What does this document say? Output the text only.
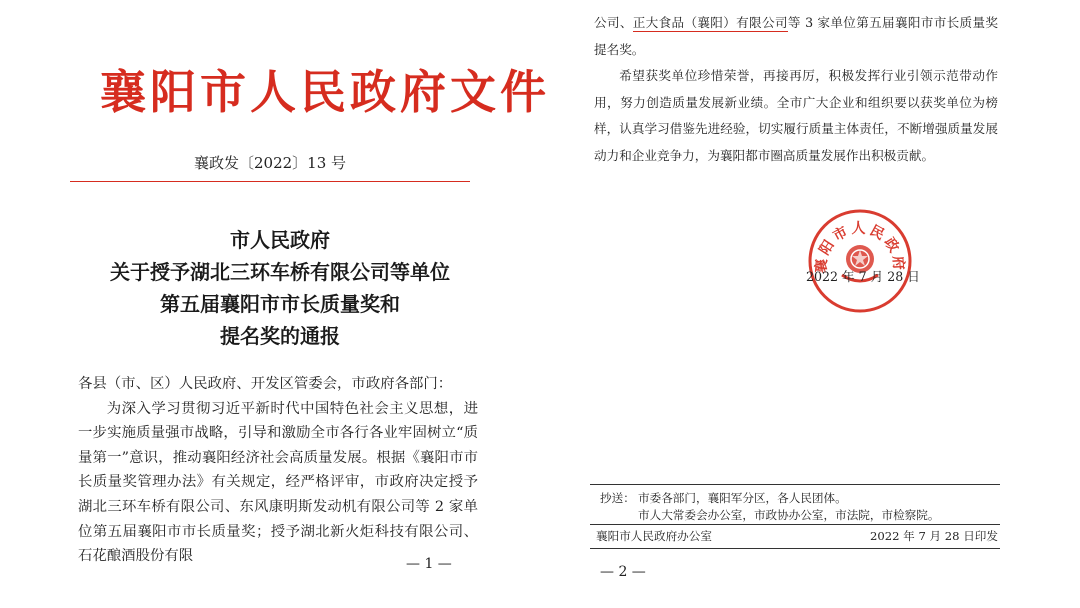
襄阳市人民政府文件
襄政发〔2022〕13 号
市人民政府
关于授予湖北三环车桥有限公司等单位
第五届襄阳市市长质量奖和
提名奖的通报

各县（市、区）人民政府、开发区管委会，市政府各部门：

为深入学习贯彻习近平新时代中国特色社会主义思想，进一步实施质量强市战略，引导和激励全市各行各业牢固树立“质量第一”意识，推动襄阳经济社会高质量发展。根据《襄阳市市长质量奖管理办法》有关规定，经严格评审，市政府决定授予湖北三环车桥有限公司、东风康明斯发动机有限公司等 2 家单位第五届襄阳市市长质量奖；授予湖北新火炬科技有限公司、石花酿酒股份有限	— 1 —

公司、正大食品（襄阳）有限公司等 3 家单位第五届襄阳市市长质量奖提名奖。

希望获奖单位珍惜荣誉，再接再厉，积极发挥行业引领示范带动作用，努力创造质量发展新业绩。全市广大企业和组织要以获奖单位为榜样，认真学习借鉴先进经验，切实履行质量主体责任，不断增强质量发展动力和企业竞争力，为襄阳都市圈高质量发展作出积极贡献。

襄阳市人民政府
2022 年 7 月 28 日
抄送： 市委各部门，襄阳军分区，各人民团体。
市人大常委会办公室，市政协办公室，市法院，市检察院。
襄阳市人民政府办公室	2022 年 7 月 28 日印发
— 2 —
